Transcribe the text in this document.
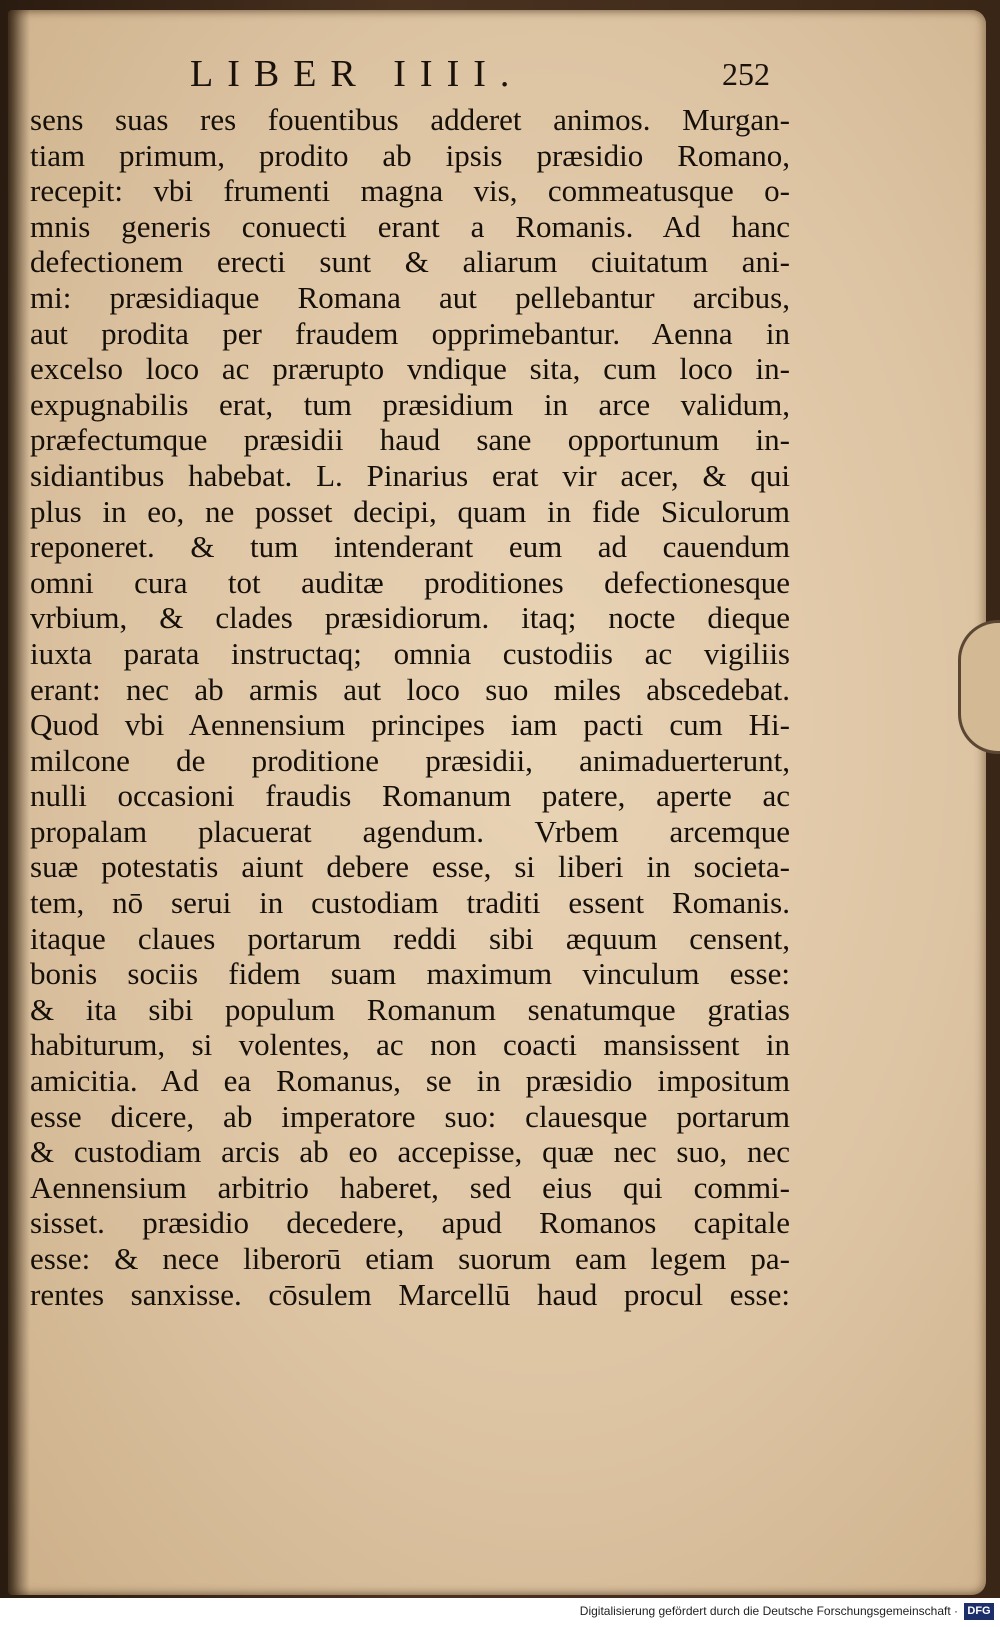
LIBER IIII.	252
sens suas res fouentibus adderet animos. Murgan-
tiam primum, prodito ab ipsis præsidio Romano,
recepit: vbi frumenti magna vis, commeatusque o-
mnis generis conuecti erant a Romanis. Ad hanc
defectionem erecti sunt & aliarum ciuitatum ani-
mi: præsidiaque Romana aut pellebantur arcibus,
aut prodita per fraudem opprimebantur. Aenna in
excelso loco ac prærupto vndique sita, cum loco in-
expugnabilis erat, tum præsidium in arce validum,
præfectumque præsidii haud sane opportunum in-
sidiantibus habebat. L. Pinarius erat vir acer, & qui
plus in eo, ne posset decipi, quam in fide Siculorum
reponeret. & tum intenderant eum ad cauendum
omni cura tot auditæ proditiones defectionesque
vrbium, & clades præsidiorum. itaq; nocte dieque
iuxta parata instructaq; omnia custodiis ac vigiliis
erant: nec ab armis aut loco suo miles abscedebat.
Quod vbi Aennensium principes iam pacti cum Hi-
milcone de proditione præsidii, animaduerterunt,
nulli occasioni fraudis Romanum patere, aperte ac
propalam placuerat agendum. Vrbem arcemque
suæ potestatis aiunt debere esse, si liberi in societa-
tem, nō serui in custodiam traditi essent Romanis.
itaque claues portarum reddi sibi æquum censent,
bonis sociis fidem suam maximum vinculum esse:
& ita sibi populum Romanum senatumque gratias
habiturum, si volentes, ac non coacti mansissent in
amicitia. Ad ea Romanus, se in præsidio impositum
esse dicere, ab imperatore suo: clauesque portarum
& custodiam arcis ab eo accepisse, quæ nec suo, nec
Aennensium arbitrio haberet, sed eius qui commi-
sisset. præsidio decedere, apud Romanos capitale
esse: & nece liberorū etiam suorum eam legem pa-
rentes sanxisse. cōsulem Marcellū haud procul esse:
Digitalisierung gefördert durch die Deutsche Forschungsgemeinschaft · DFG
